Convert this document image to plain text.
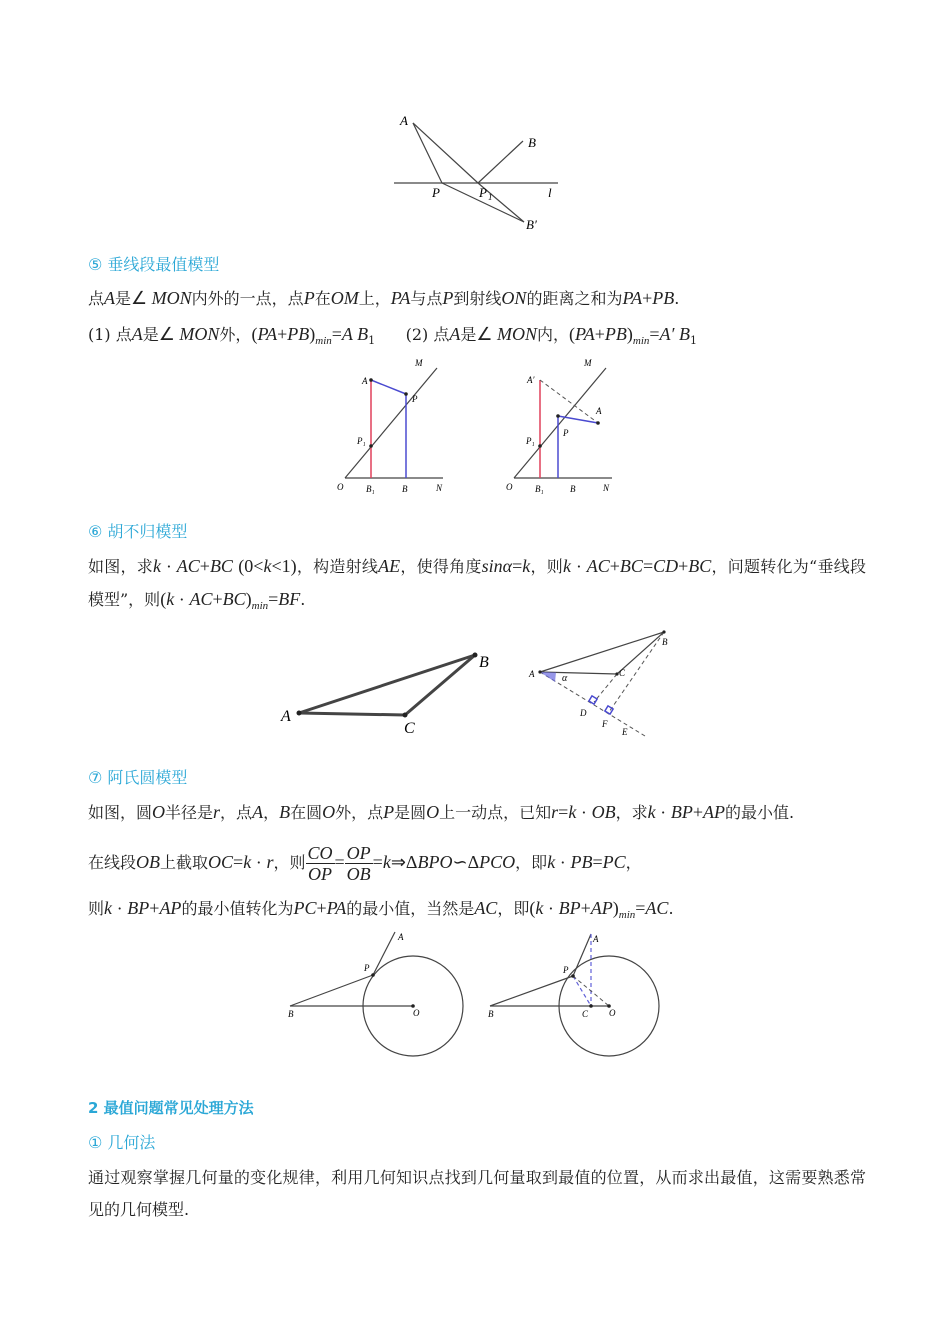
A
B
P	P 1	l
B′
⑤ 垂线段最值模型
点A是∠ MON内外的一点，点P在OM上，PA与点P到射线ON的距离之和为PA+PB.
(1) 点A是∠ MON外，$(PA+PB)_{min}=A$ $B_1$      (2) 点A是∠ MON内，$(PA+PB)_{min}=A'$ $B_1$
M
A
P
P₁
O	B₁	B	N
M
A′
A
P
P₁
O	B₁	B	N
⑥ 胡不归模型
如图，求k · AC+BC (0<k<1)，构造射线AE，使得角度sinα=k，则k · AC+BC=CD+BC，问题转化为“垂线段模型”，则$(k \cdot AC+BC)_{min}=BF$.
A
B
C
α
A
B
C
D
F
E
⑦ 阿氏圆模型
如图，圆O半径是r，点A，B在圆O外，点P是圆O上一动点，已知r=k · OB，求k · BP+AP的最小值.
在线段OB上截取OC=k · r，则 $\frac{CO}{OP} = \frac{OP}{OB}$ =k⇒ΔBPO∽ΔPCO，即k · PB=PC，
则k · BP+AP的最小值转化为PC+PA的最小值，当然是AC，即$(k \cdot BP+AP)_{min}=AC$.
A
P
B	O
A
P
B	C O
2 最值问题常见处理方法
① 几何法
通过观察掌握几何量的变化规律，利用几何知识点找到几何量取到最值的位置，从而求出最值，这需要熟悉常见的几何模型.
